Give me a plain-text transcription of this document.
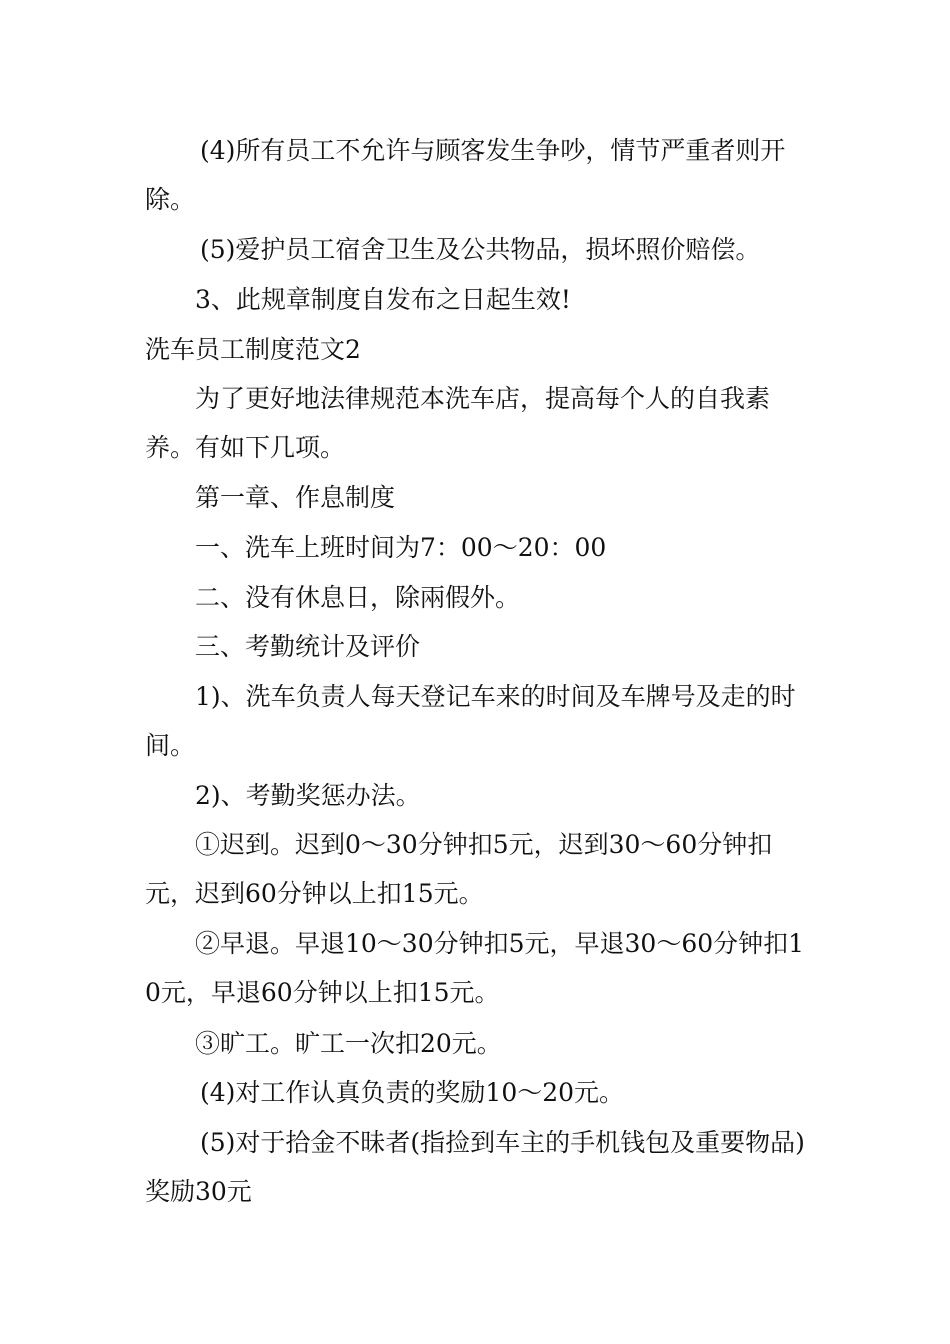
(4)所有员工不允许与顾客发生争吵，情节严重者则开除。

(5)爱护员工宿舍卫生及公共物品，损坏照价赔偿。

3、此规章制度自发布之日起生效!

洗车员工制度范文2

为了更好地法律规范本洗车店，提高每个人的自我素养。有如下几项。

第一章、作息制度

一、洗车上班时间为7：00～20：00

二、没有休息日，除兩假外。

三、考勤统计及评价

1)、洗车负责人每天登记车来的时间及车牌号及走的时间。

2)、考勤奖惩办法。

①迟到。迟到0～30分钟扣5元，迟到30～60分钟扣元，迟到60分钟以上扣15元。

②早退。早退10～30分钟扣5元，早退30～60分钟扣10元，早退60分钟以上扣15元。

③旷工。旷工一次扣20元。

(4)对工作认真负责的奖励10～20元。

(5)对于拾金不昧者(指捡到车主的手机钱包及重要物品)奖励30元
